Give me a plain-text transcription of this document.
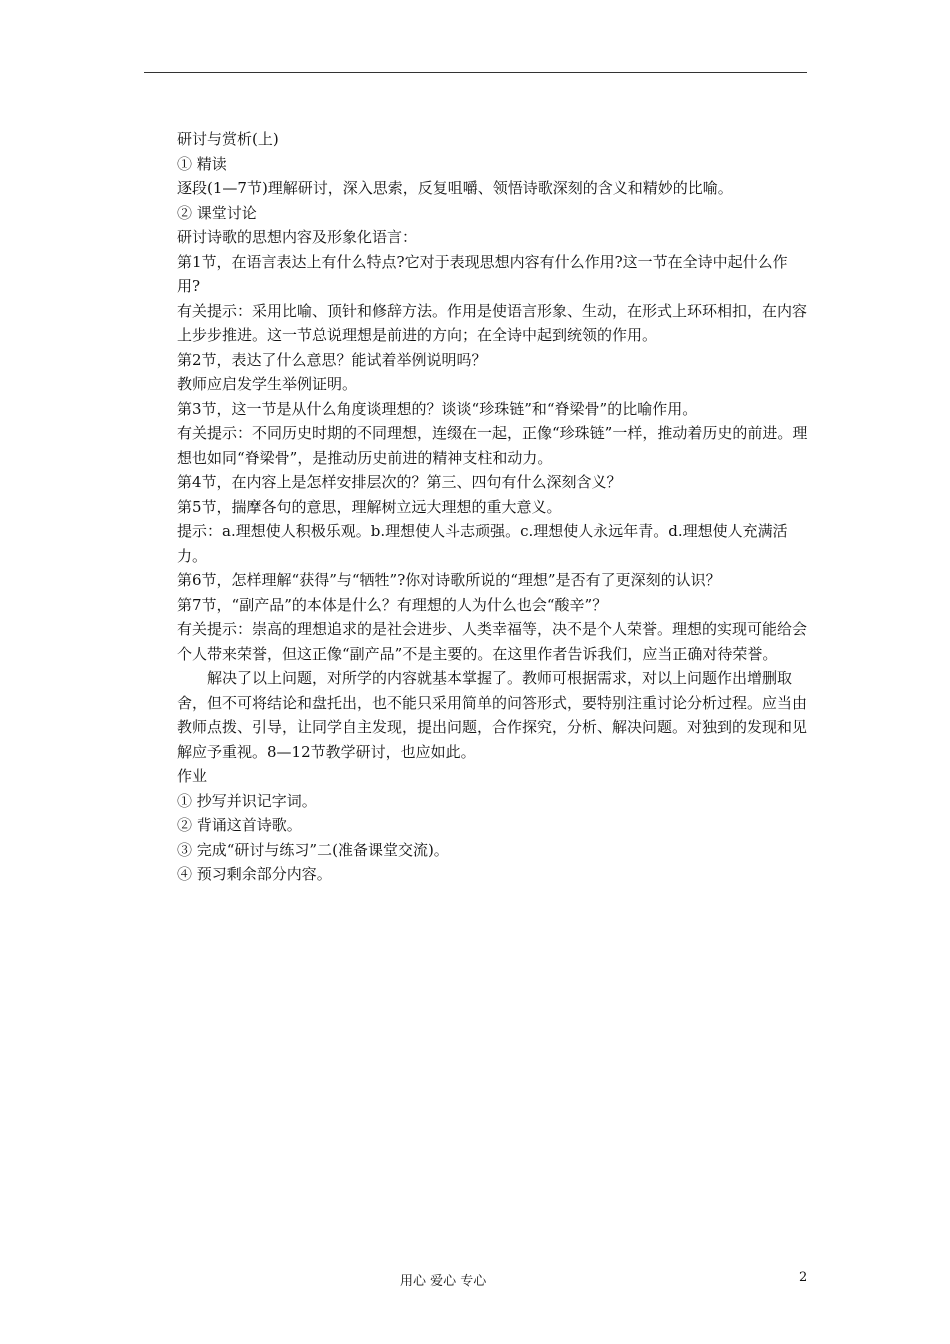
研讨与赏析(上)

① 精读

逐段(1—7节)理解研讨，深入思索，反复咀嚼、领悟诗歌深刻的含义和精妙的比喻。

② 课堂讨论

研讨诗歌的思想内容及形象化语言：

第1节，在语言表达上有什么特点?它对于表现思想内容有什么作用?这一节在全诗中起什么作用?

有关提示：采用比喻、顶针和修辞方法。作用是使语言形象、生动，在形式上环环相扣，在内容上步步推进。这一节总说理想是前进的方向；在全诗中起到统领的作用。

第2节，表达了什么意思？能试着举例说明吗？

教师应启发学生举例证明。

第3节，这一节是从什么角度谈理想的？谈谈“珍珠链”和“脊梁骨”的比喻作用。

有关提示：不同历史时期的不同理想，连缀在一起，正像“珍珠链”一样，推动着历史的前进。理想也如同“脊梁骨”，是推动历史前进的精神支柱和动力。

第4节，在内容上是怎样安排层次的？第三、四句有什么深刻含义？

第5节，揣摩各句的意思，理解树立远大理想的重大意义。

提示：a.理想使人积极乐观。b.理想使人斗志顽强。c.理想使人永远年青。d.理想使人充满活力。

第6节，怎样理解“获得”与“牺牲”?你对诗歌所说的“理想”是否有了更深刻的认识？

第7节，“副产品”的本体是什么？有理想的人为什么也会“酸辛”？

有关提示：崇高的理想追求的是社会进步、人类幸福等，决不是个人荣誉。理想的实现可能给会个人带来荣誉，但这正像“副产品”不是主要的。在这里作者告诉我们，应当正确对待荣誉。

解决了以上问题，对所学的内容就基本掌握了。教师可根据需求，对以上问题作出增删取舍，但不可将结论和盘托出，也不能只采用简单的问答形式，要特别注重讨论分析过程。应当由教师点拨、引导，让同学自主发现，提出问题，合作探究，分析、解决问题。对独到的发现和见解应予重视。8—12节教学研讨，也应如此。

作业

① 抄写并识记字词。

② 背诵这首诗歌。

③ 完成“研讨与练习”二(准备课堂交流)。

④ 预习剩余部分内容。

用心 爱心 专心	2
